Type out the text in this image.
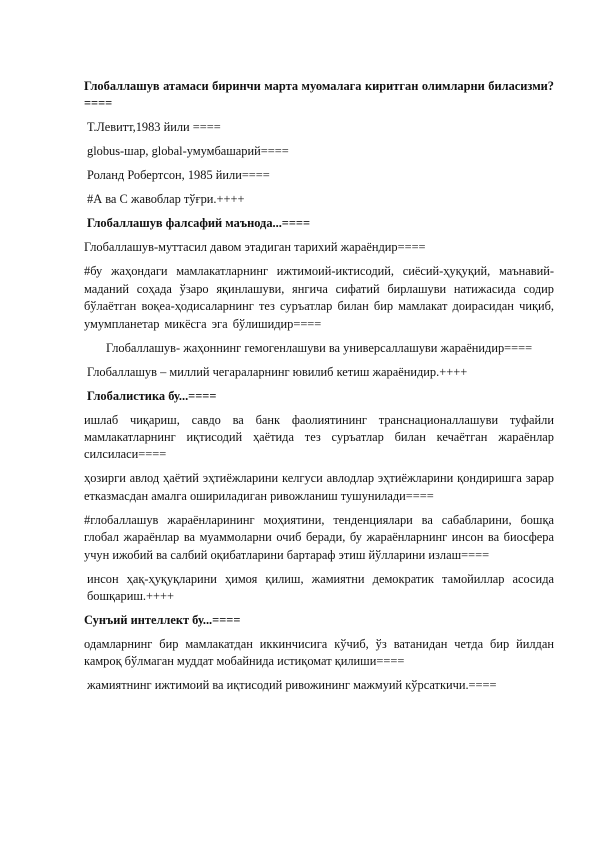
Глобаллашув атамаси биринчи марта муомалага киритган олимларни биласизми?====

Т.Левитт,1983 йили ====

globus-шар, global-умумбашарий====

Роланд Робертсон, 1985 йили====

#А ва С жавоблар тўғри.++++

Глобаллашув фалсафий маънода...====

Глобаллашув-муттасил давом этадиган тарихий жараёндир====

#бу жаҳондаги мамлакатларнинг ижтимоий-иктисодий, сиёсий-ҳуқуқий, маънавий-маданий соҳада ўзаро яқинлашуви, янгича сифатий бирлашуви натижасида содир бўлаётган воқеа-ҳодисаларнинг тез суръатлар билан бир мамлакат доирасидан чиқиб, умумпланетар микёсга эга бўлишидир====

Глобаллашув- жаҳоннинг гемогенлашуви ва универсаллашуви жараёнидир====

Глобаллашув – миллий чегараларнинг ювилиб кетиш жараёнидир.++++

Глобалистика бу...====

ишлаб чиқариш, савдо ва банк фаолиятининг транснационаллашуви туфайли мамлакатларнинг иқтисодий ҳаётида тез суръатлар билан кечаётган жараёнлар силсиласи====

ҳозирги авлод ҳаётий эҳтиёжларини келгуси авлодлар эҳтиёжларини қондиришга зарар етказмасдан амалга ошириладиган ривожланиш тушунилади====

#глобаллашув жараёнларининг моҳиятини, тенденциялари ва сабабларини, бошқа глобал жараёнлар ва муаммоларни очиб беради, бу жараёнларнинг инсон ва биосфера учун ижобий ва салбий оқибатларини бартараф этиш йўлларини излаш====

инсон ҳақ-ҳуқуқларини ҳимоя қилиш, жамиятни демократик тамойиллар асосида бошқариш.++++

Сунъий интеллект бу...====

одамларнинг бир мамлакатдан иккинчисига кўчиб, ўз ватанидан четда бир йилдан камроқ бўлмаган муддат мобайнида истиқомат қилиши====

жамиятнинг ижтимоий ва иқтисодий ривожининг мажмуий кўрсаткичи.====
